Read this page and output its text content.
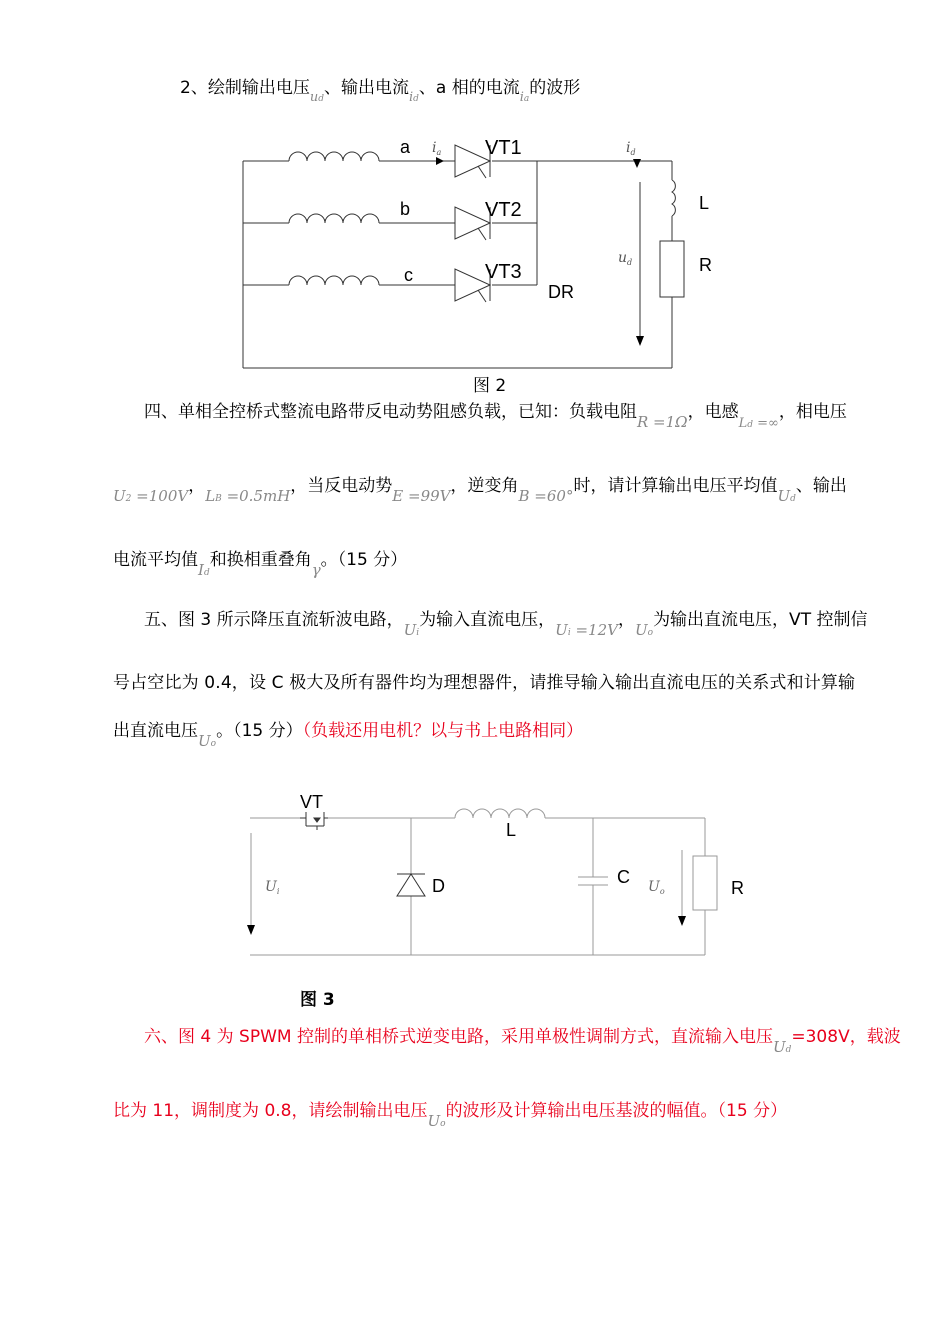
2、绘制输出电压ud、输出电流id、a 相的电流ia的波形
a
b
c
VT1
VT2
VT3
DR
L
R
$i_a$	$i_d$
$u_d$
图 2
四、单相全控桥式整流电路带反电动势阻感负载，已知：负载电阻R =1Ω，电感$_{Ld =\infty}$，相电压
U2 =100V，LB =0.5mH，当反电动势E =99V，逆变角B =60°时，请计算输出电压平均值Ud、输出
电流平均值Id和换相重叠角γ。（15 分）
五、图 3 所示降压直流斩波电路，Ui为输入直流电压，Ui =12V，Uo为输出直流电压，VT 控制信
号占空比为 0.4，设 C 极大及所有器件均为理想器件，请推导输入输出直流电压的关系式和计算输
出直流电压Uo。（15 分）（负载还用电机？以与书上电路相同）
VT
L
D	C
R
$U_i$	$U_o$
图 3
六、图 4 为 SPWM 控制的单相桥式逆变电路，采用单极性调制方式，直流输入电压Ud=308V，载波
比为 11，调制度为 0.8，请绘制输出电压Uo的波形及计算输出电压基波的幅值。（15 分）
